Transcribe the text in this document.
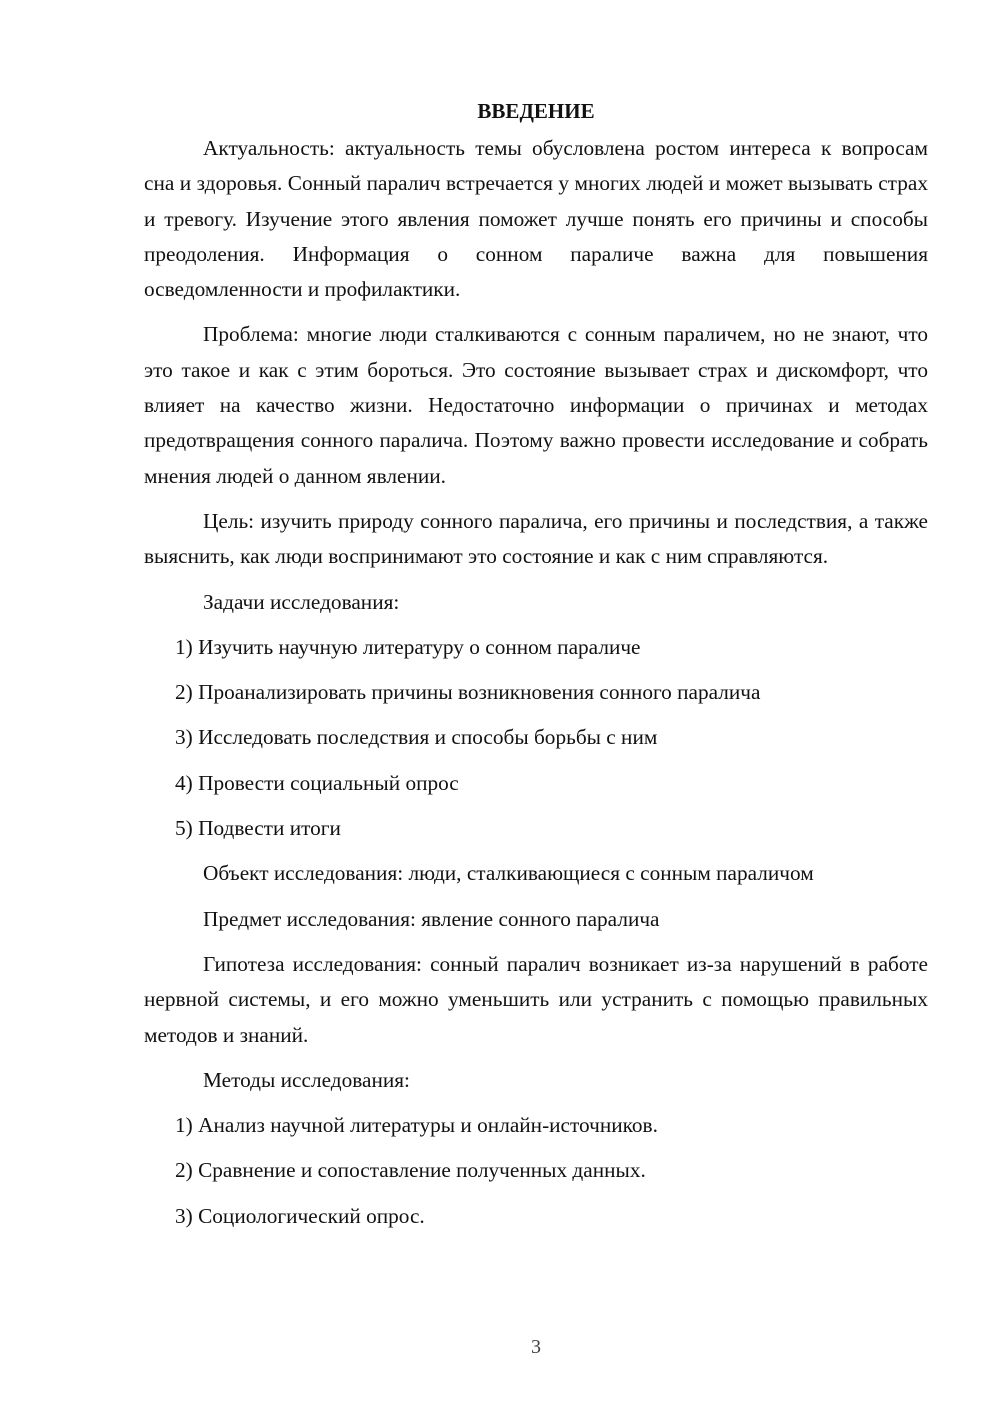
ВВЕДЕНИЕ

Актуальность: актуальность темы обусловлена ростом интереса к вопросам сна и здоровья. Сонный паралич встречается у многих людей и может вызывать страх и тревогу. Изучение этого явления поможет лучше понять его причины и способы преодоления. Информация о сонном параличе важна для повышения осведомленности и профилактики.

Проблема: многие люди сталкиваются с сонным параличем, но не знают, что это такое и как с этим бороться. Это состояние вызывает страх и дискомфорт, что влияет на качество жизни. Недостаточно информации о причинах и методах предотвращения сонного паралича. Поэтому важно провести исследование и собрать мнения людей о данном явлении.

Цель: изучить природу сонного паралича, его причины и последствия, а также выяснить, как люди воспринимают это состояние и как с ним справляются.

Задачи исследования:
1) Изучить научную литературу о сонном параличе
2) Проанализировать причины возникновения сонного паралича
3) Исследовать последствия и способы борьбы с ним
4) Провести социальный опрос
5) Подвести итоги
Объект исследования: люди, сталкивающиеся с сонным параличом
Предмет исследования: явление сонного паралича

Гипотеза исследования: сонный паралич возникает из-за нарушений в работе нервной системы, и его можно уменьшить или устранить с помощью правильных методов и знаний.

Методы исследования:
1) Анализ научной литературы и онлайн-источников.
2) Сравнение и сопоставление полученных данных.
3) Социологический опрос.
3
